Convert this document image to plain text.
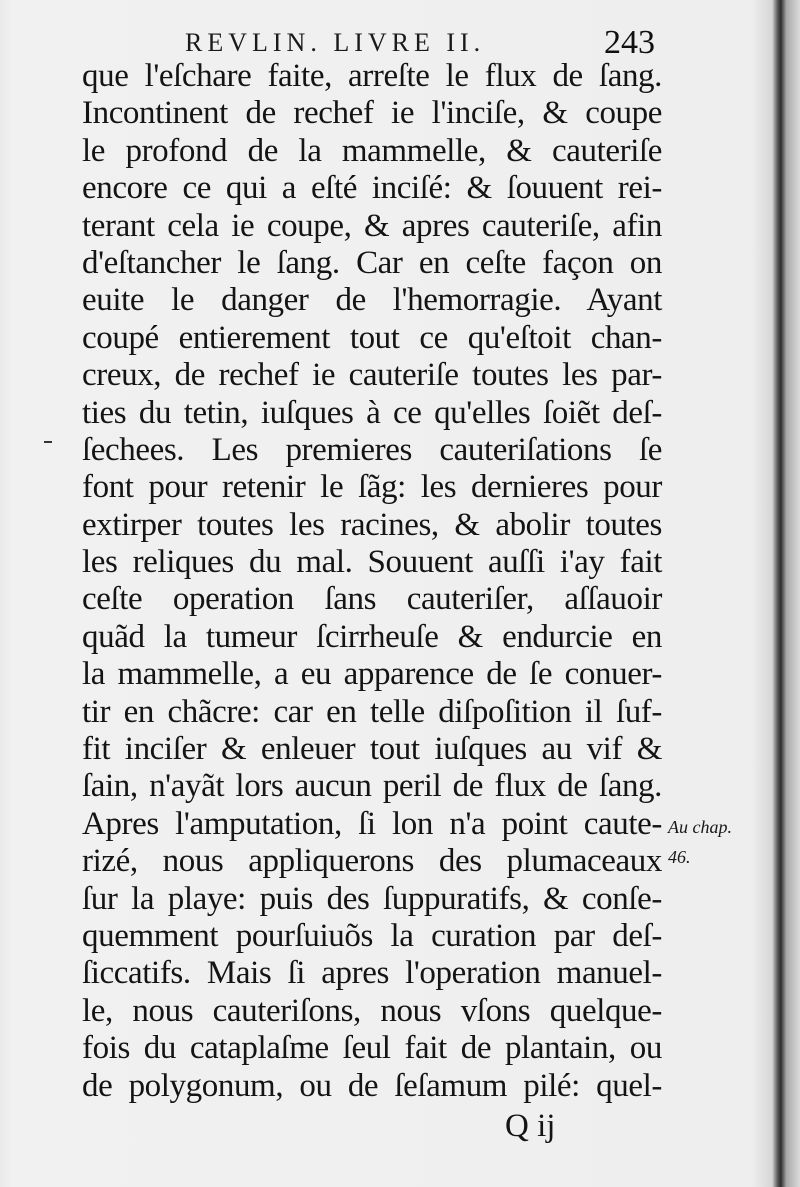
REVLIN. LIVRE II.	243
que l'eſchare faite, arreſte le flux de ſang.
Incontinent de rechef ie l'inciſe, & coupe
le profond de la mammelle, & cauteriſe
encore ce qui a eſté inciſé: & ſouuent rei-
terant cela ie coupe, & apres cauteriſe, afin
d'eſtancher le ſang. Car en ceſte façon on
euite le danger de l'hemorragie. Ayant
coupé entierement tout ce qu'eſtoit chan-
creux, de rechef ie cauteriſe toutes les par-
ties du tetin, iuſques à ce qu'elles ſoiẽt deſ-
ſechees. Les premieres cauteriſations ſe
font pour retenir le ſãg: les dernieres pour
extirper toutes les racines, & abolir toutes
les reliques du mal. Souuent auſſi i'ay fait
ceſte operation ſans cauteriſer, aſſauoir
quãd la tumeur ſcirrheuſe & endurcie en
la mammelle, a eu apparence de ſe conuer-
tir en chãcre: car en telle diſpoſition il ſuf-
fit inciſer & enleuer tout iuſques au vif &
ſain, n'ayãt lors aucun peril de flux de ſang.
Apres l'amputation, ſi lon n'a point caute-
rizé, nous appliquerons des plumaceaux
ſur la playe: puis des ſuppuratifs, & conſe-
quemment pourſuiuõs la curation par deſ-
ſiccatifs. Mais ſi apres l'operation manuel-
le, nous cauteriſons, nous vſons quelque-
fois du cataplaſme ſeul fait de plantain, ou
de polygonum, ou de ſeſamum pilé: quel-
Au chap.
46.
Q ij
